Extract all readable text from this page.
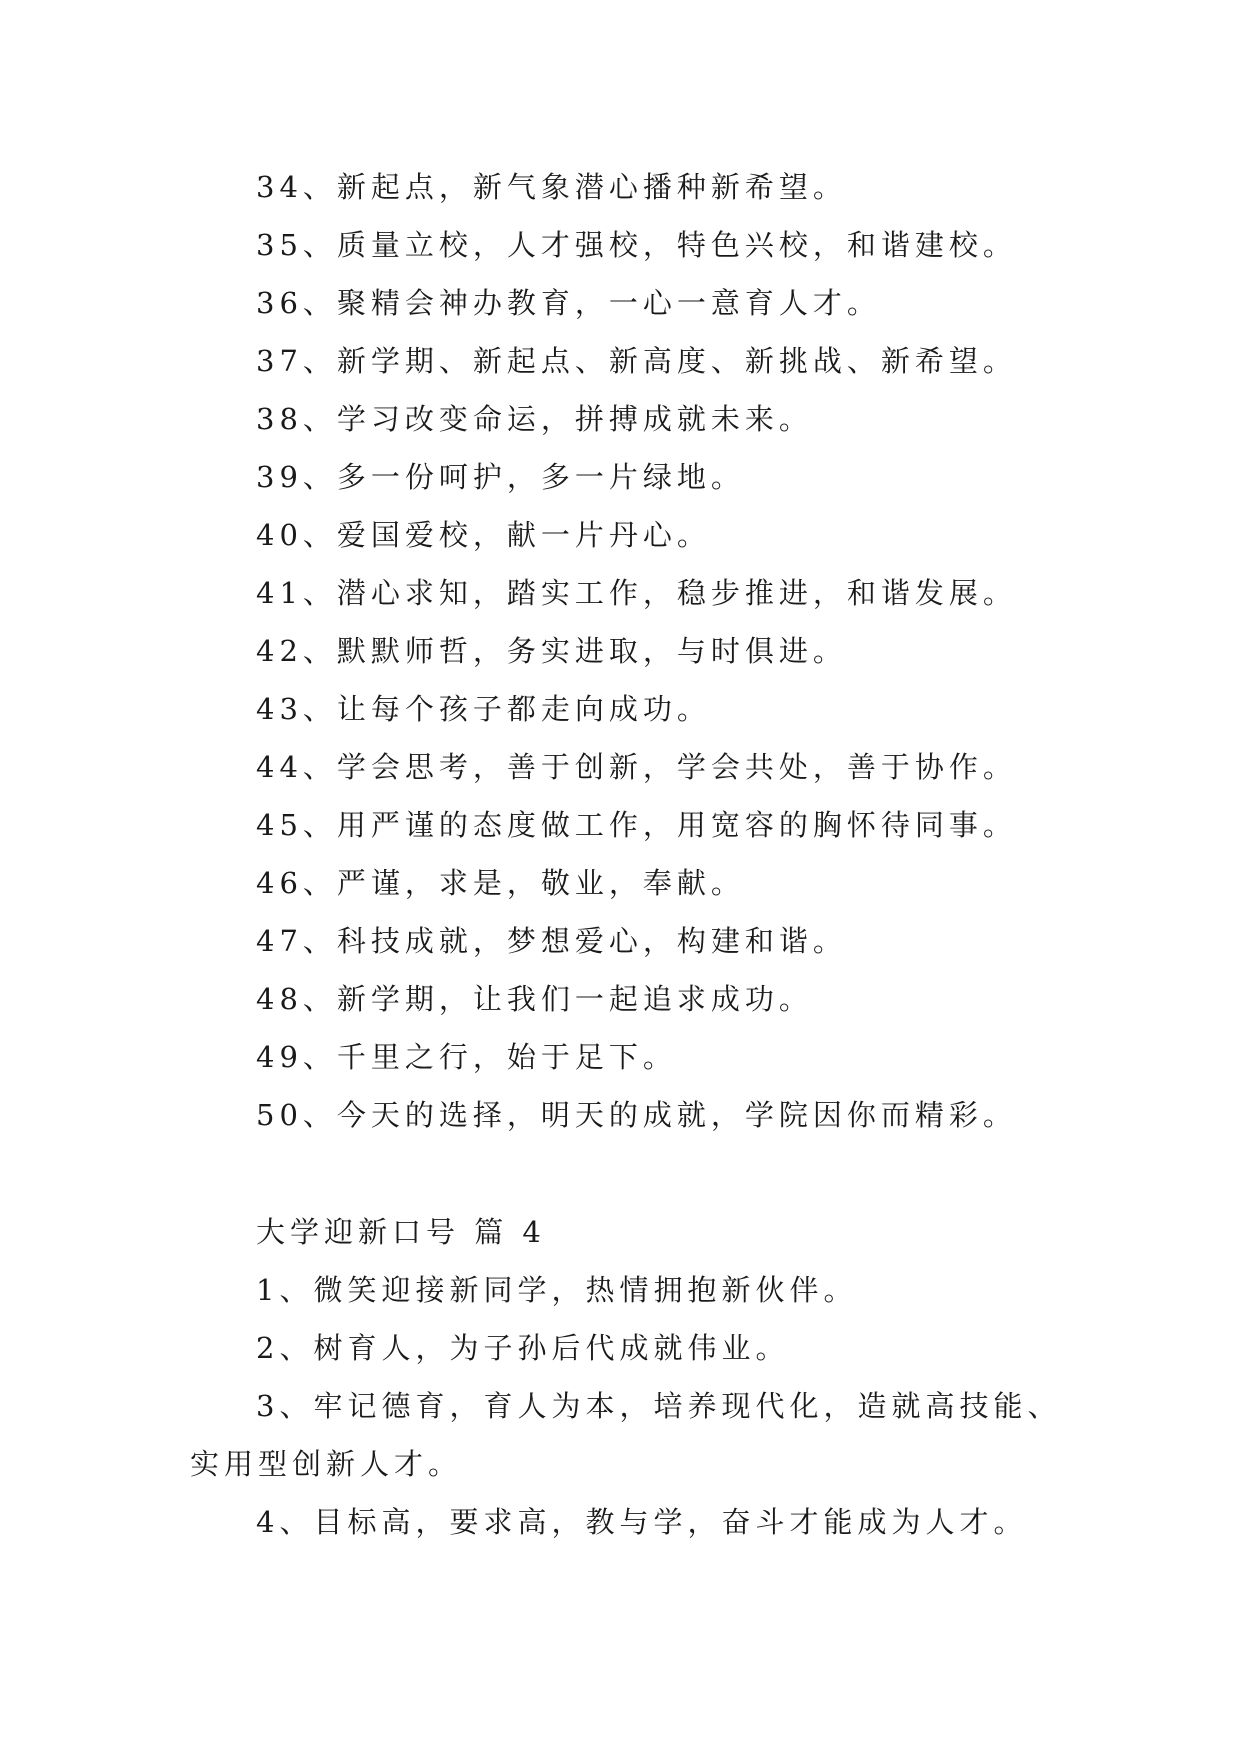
34、新起点，新气象潜心播种新希望。
35、质量立校，人才强校，特色兴校，和谐建校。
36、聚精会神办教育，一心一意育人才。
37、新学期、新起点、新高度、新挑战、新希望。
38、学习改变命运，拼搏成就未来。
39、多一份呵护，多一片绿地。
40、爱国爱校，献一片丹心。
41、潜心求知，踏实工作，稳步推进，和谐发展。
42、默默师哲，务实进取，与时俱进。
43、让每个孩子都走向成功。
44、学会思考，善于创新，学会共处，善于协作。
45、用严谨的态度做工作，用宽容的胸怀待同事。
46、严谨，求是，敬业，奉献。
47、科技成就，梦想爱心，构建和谐。
48、新学期，让我们一起追求成功。
49、千里之行，始于足下。
50、今天的选择，明天的成就，学院因你而精彩。
大学迎新口号 篇 4
1、微笑迎接新同学，热情拥抱新伙伴。
2、树育人，为子孙后代成就伟业。
3、牢记德育，育人为本，培养现代化，造就高技能、
实用型创新人才。
4、目标高，要求高，教与学，奋斗才能成为人才。
